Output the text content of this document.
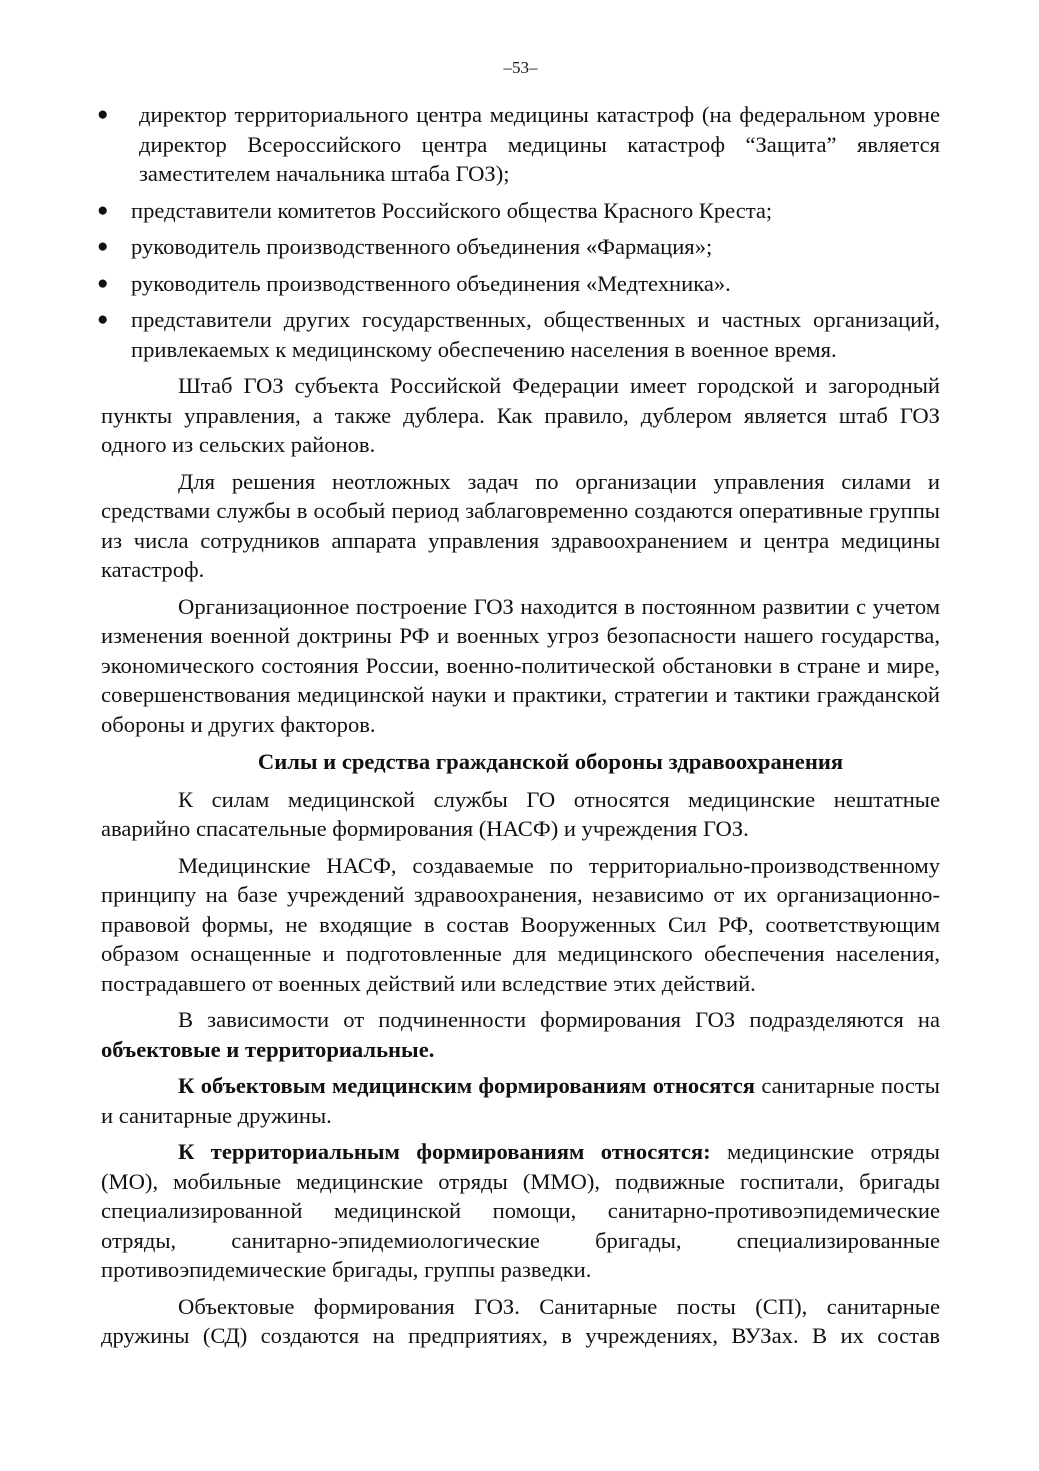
–53–
● директор территориального центра медицины катастроф (на федеральном уровне директор Всероссийского центра медицины катастроф “Защита” является заместителем начальника штаба ГОЗ);
● представители комитетов Российского общества Красного Креста;
● руководитель производственного объединения «Фармация»;
● руководитель производственного объединения «Медтехника».
● представители других государственных, общественных и частных организаций, привлекаемых к медицинскому обеспечению населения в военное время.

Штаб ГОЗ субъекта Российской Федерации имеет городской и загородный пункты управления, а также дублера. Как правило, дублером является штаб ГОЗ одного из сельских районов.

Для решения неотложных задач по организации управления силами и средствами службы в особый период заблаговременно создаются оперативные группы из числа сотрудников аппарата управления здравоохранением и центра медицины катастроф.

Организационное построение ГОЗ находится в постоянном развитии с учетом изменения военной доктрины РФ и военных угроз безопасности нашего государства, экономического состояния России, военно-политической обстановки в стране и мире, совершенствования медицинской науки и практики, стратегии и тактики гражданской обороны и других факторов.

Силы и средства гражданской обороны здравоохранения

К силам медицинской службы ГО относятся медицинские нештатные аварийно спасательные формирования (НАСФ) и учреждения ГОЗ.

Медицинские НАСФ, создаваемые по территориально-производственному принципу на базе учреждений здравоохранения, независимо от их организационно-правовой формы, не входящие в состав Вооруженных Сил РФ, соответствующим образом оснащенные и подготовленные для медицинского обеспечения населения, пострадавшего от военных действий или вследствие этих действий.

В зависимости от подчиненности формирования ГОЗ подразделяются на объектовые и территориальные.

К объектовым медицинским формированиям относятся санитарные посты и санитарные дружины.

К территориальным формированиям относятся: медицинские отряды (МО), мобильные медицинские отряды (ММО), подвижные госпитали, бригады специализированной медицинской помощи, санитарно-противоэпидемические отряды, санитарно-эпидемиологические бригады, специализированные противоэпидемические бригады, группы разведки.

Объектовые формирования ГОЗ. Санитарные посты (СП), санитарные дружины (СД) создаются на предприятиях, в учреждениях, ВУЗах. В их состав
